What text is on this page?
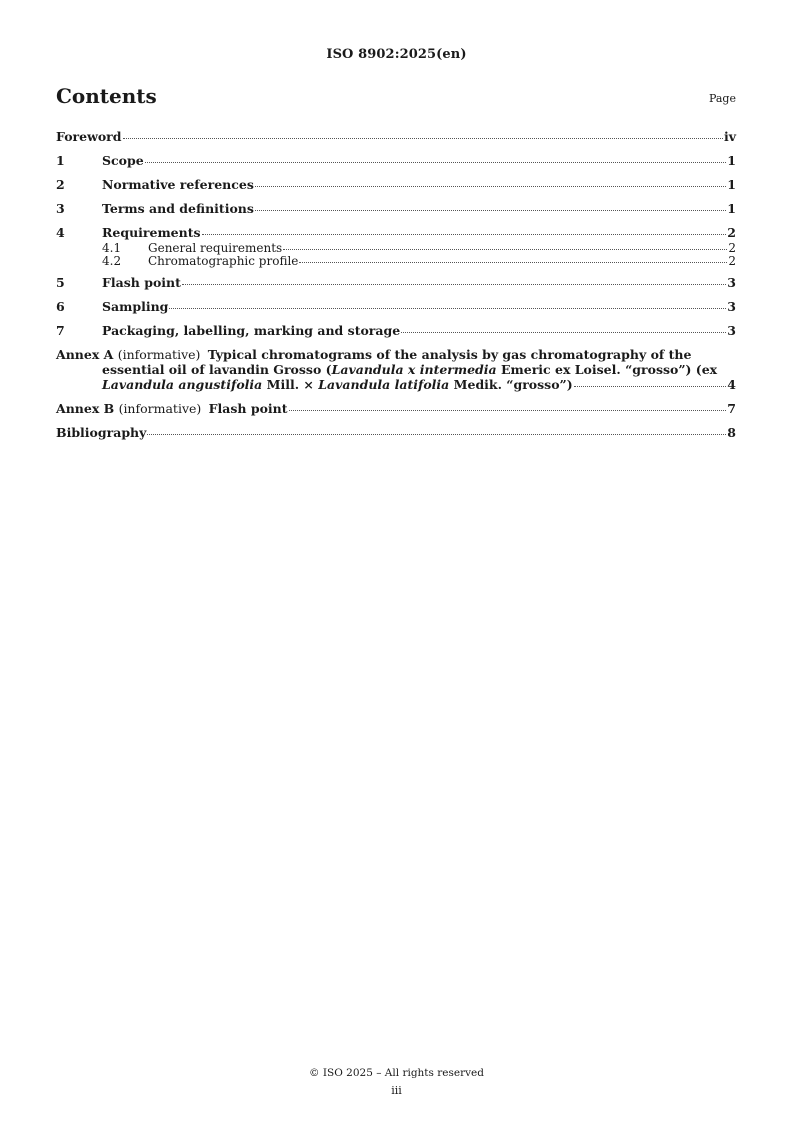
ISO 8902:2025(en)
Contents	Page
Foreword	iv
1	Scope	1
2	Normative references	1
3	Terms and definitions	1
4	Requirements	2
4.1	General requirements	2
4.2	Chromatographic profile	2
5	Flash point	3
6	Sampling	3
7	Packaging, labelling, marking and storage	3
Annex A (informative) Typical chromatograms of the analysis by gas chromatography of the
essential oil of lavandin Grosso (Lavandula x intermedia Emeric ex Loisel. “grosso”) (ex
Lavandula angustifolia Mill. × Lavandula latifolia Medik. “grosso”)	4
Annex B (informative) Flash point	7
Bibliography	8
© ISO 2025 – All rights reserved
iii
